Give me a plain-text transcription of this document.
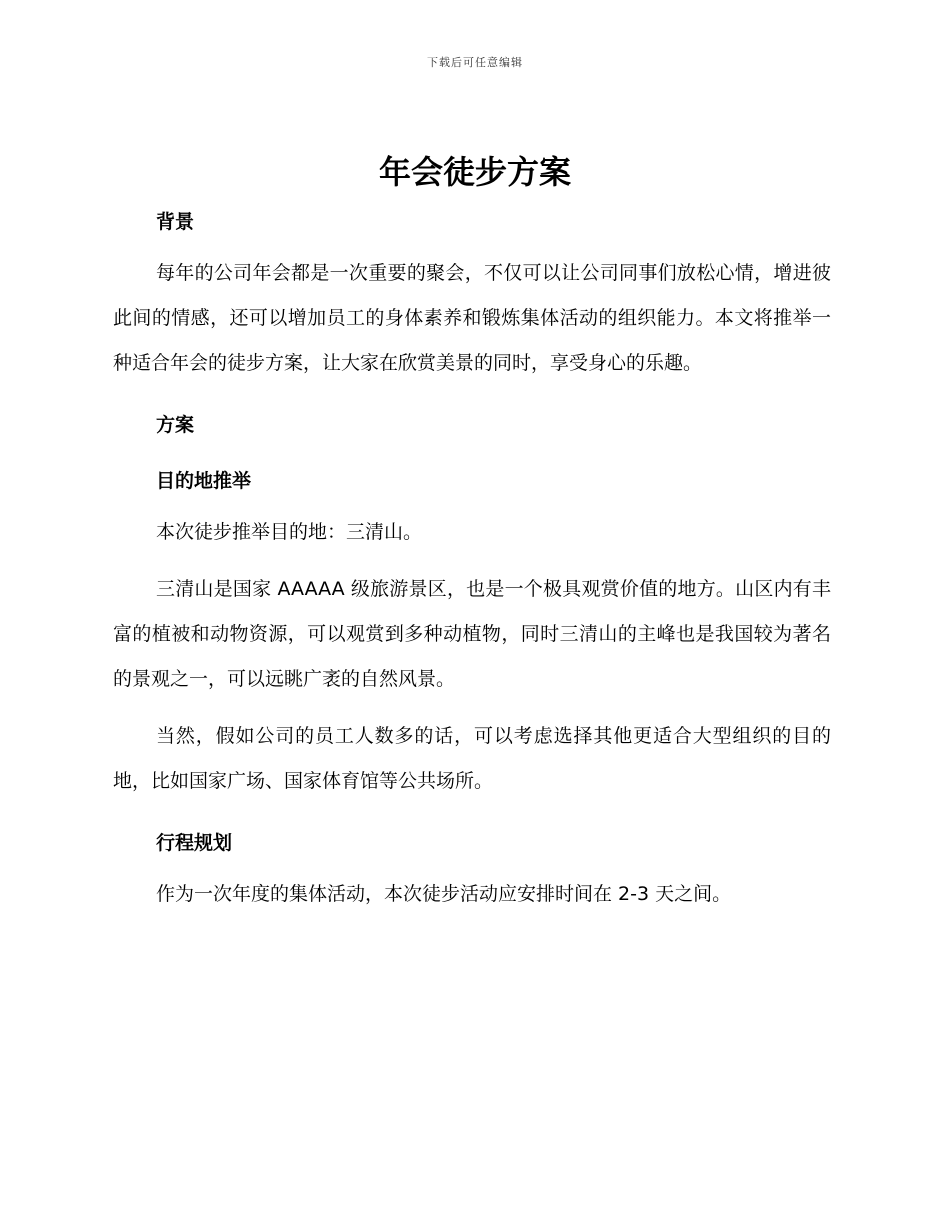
下载后可任意编辑
年会徒步方案
背景

每年的公司年会都是一次重要的聚会，不仅可以让公司同事们放松心情，增进彼此间的情感，还可以增加员工的身体素养和锻炼集体活动的组织能力。本文将推举一种适合年会的徒步方案，让大家在欣赏美景的同时，享受身心的乐趣。

方案
目的地推举

本次徒步推举目的地：三清山。

三清山是国家 AAAAA 级旅游景区，也是一个极具观赏价值的地方。山区内有丰富的植被和动物资源，可以观赏到多种动植物，同时三清山的主峰也是我国较为著名的景观之一，可以远眺广袤的自然风景。

当然，假如公司的员工人数多的话，可以考虑选择其他更适合大型组织的目的地，比如国家广场、国家体育馆等公共场所。

行程规划

作为一次年度的集体活动，本次徒步活动应安排时间在 2-3 天之间。
